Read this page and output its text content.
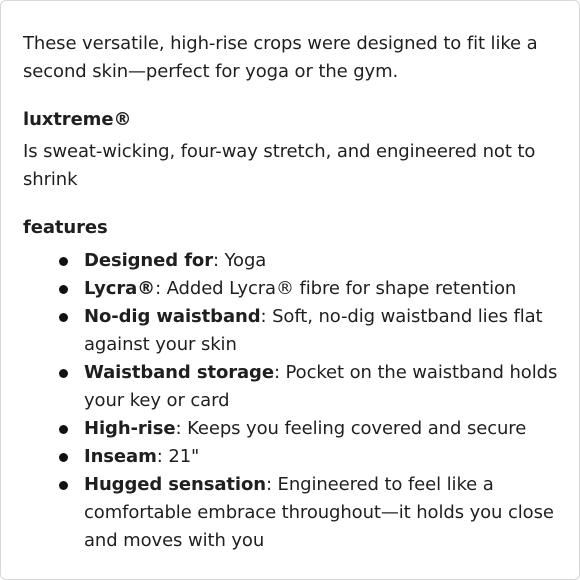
These versatile, high-rise crops were designed to fit like a second skin—perfect for yoga or the gym.

luxtreme®

Is sweat-wicking, four-way stretch, and engineered not to shrink

features

Designed for: Yoga
Lycra®: Added Lycra® fibre for shape retention
No-dig waistband: Soft, no-dig waistband lies flat against your skin
Waistband storage: Pocket on the waistband holds your key or card
High-rise: Keeps you feeling covered and secure
Inseam: 21"
Hugged sensation: Engineered to feel like a comfortable embrace throughout—it holds you close and moves with you
